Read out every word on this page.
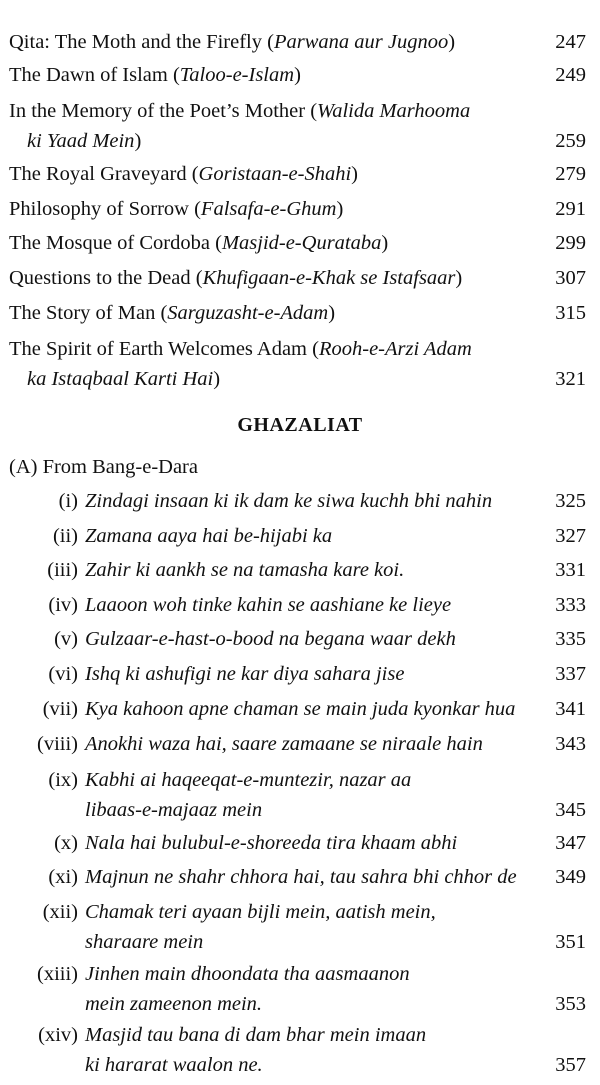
Qita: The Moth and the Firefly (Parwana aur Jugnoo)	247
The Dawn of Islam (Taloo-e-Islam)	249
In the Memory of the Poet’s Mother (Walida Marhooma
ki Yaad Mein)	259
The Royal Graveyard (Goristaan-e-Shahi)	279
Philosophy of Sorrow (Falsafa-e-Ghum)	291
The Mosque of Cordoba (Masjid-e-Qurataba)	299
Questions to the Dead (Khufigaan-e-Khak se Istafsaar)	307
The Story of Man (Sarguzasht-e-Adam)	315
The Spirit of Earth Welcomes Adam (Rooh-e-Arzi Adam
ka Istaqbaal Karti Hai)	321
GHAZALIAT
(A) From Bang-e-Dara
(i) Zindagi insaan ki ik dam ke siwa kuchh bhi nahin	325
(ii) Zamana aaya hai be-hijabi ka	327
(iii) Zahir ki aankh se na tamasha kare koi.	331
(iv) Laaoon woh tinke kahin se aashiane ke lieye	333
(v) Gulzaar-e-hast-o-bood na begana waar dekh	335
(vi) Ishq ki ashufigi ne kar diya sahara jise	337
(vii) Kya kahoon apne chaman se main juda kyonkar hua 341
(viii) Anokhi waza hai, saare zamaane se niraale hain	343
(ix) Kabhi ai haqeeqat-e-muntezir, nazar aa
libaas-e-majaaz mein	345
(x) Nala hai bulubul-e-shoreeda tira khaam abhi	347
(xi) Majnun ne shahr chhora hai, tau sahra bhi chhor de 349
(xii) Chamak teri ayaan bijli mein, aatish mein,
sharaare mein	351
(xiii) Jinhen main dhoondata tha aasmaanon
mein zameenon mein.	353
(xiv) Masjid tau bana di dam bhar mein imaan
ki hararat waalon ne.	357
